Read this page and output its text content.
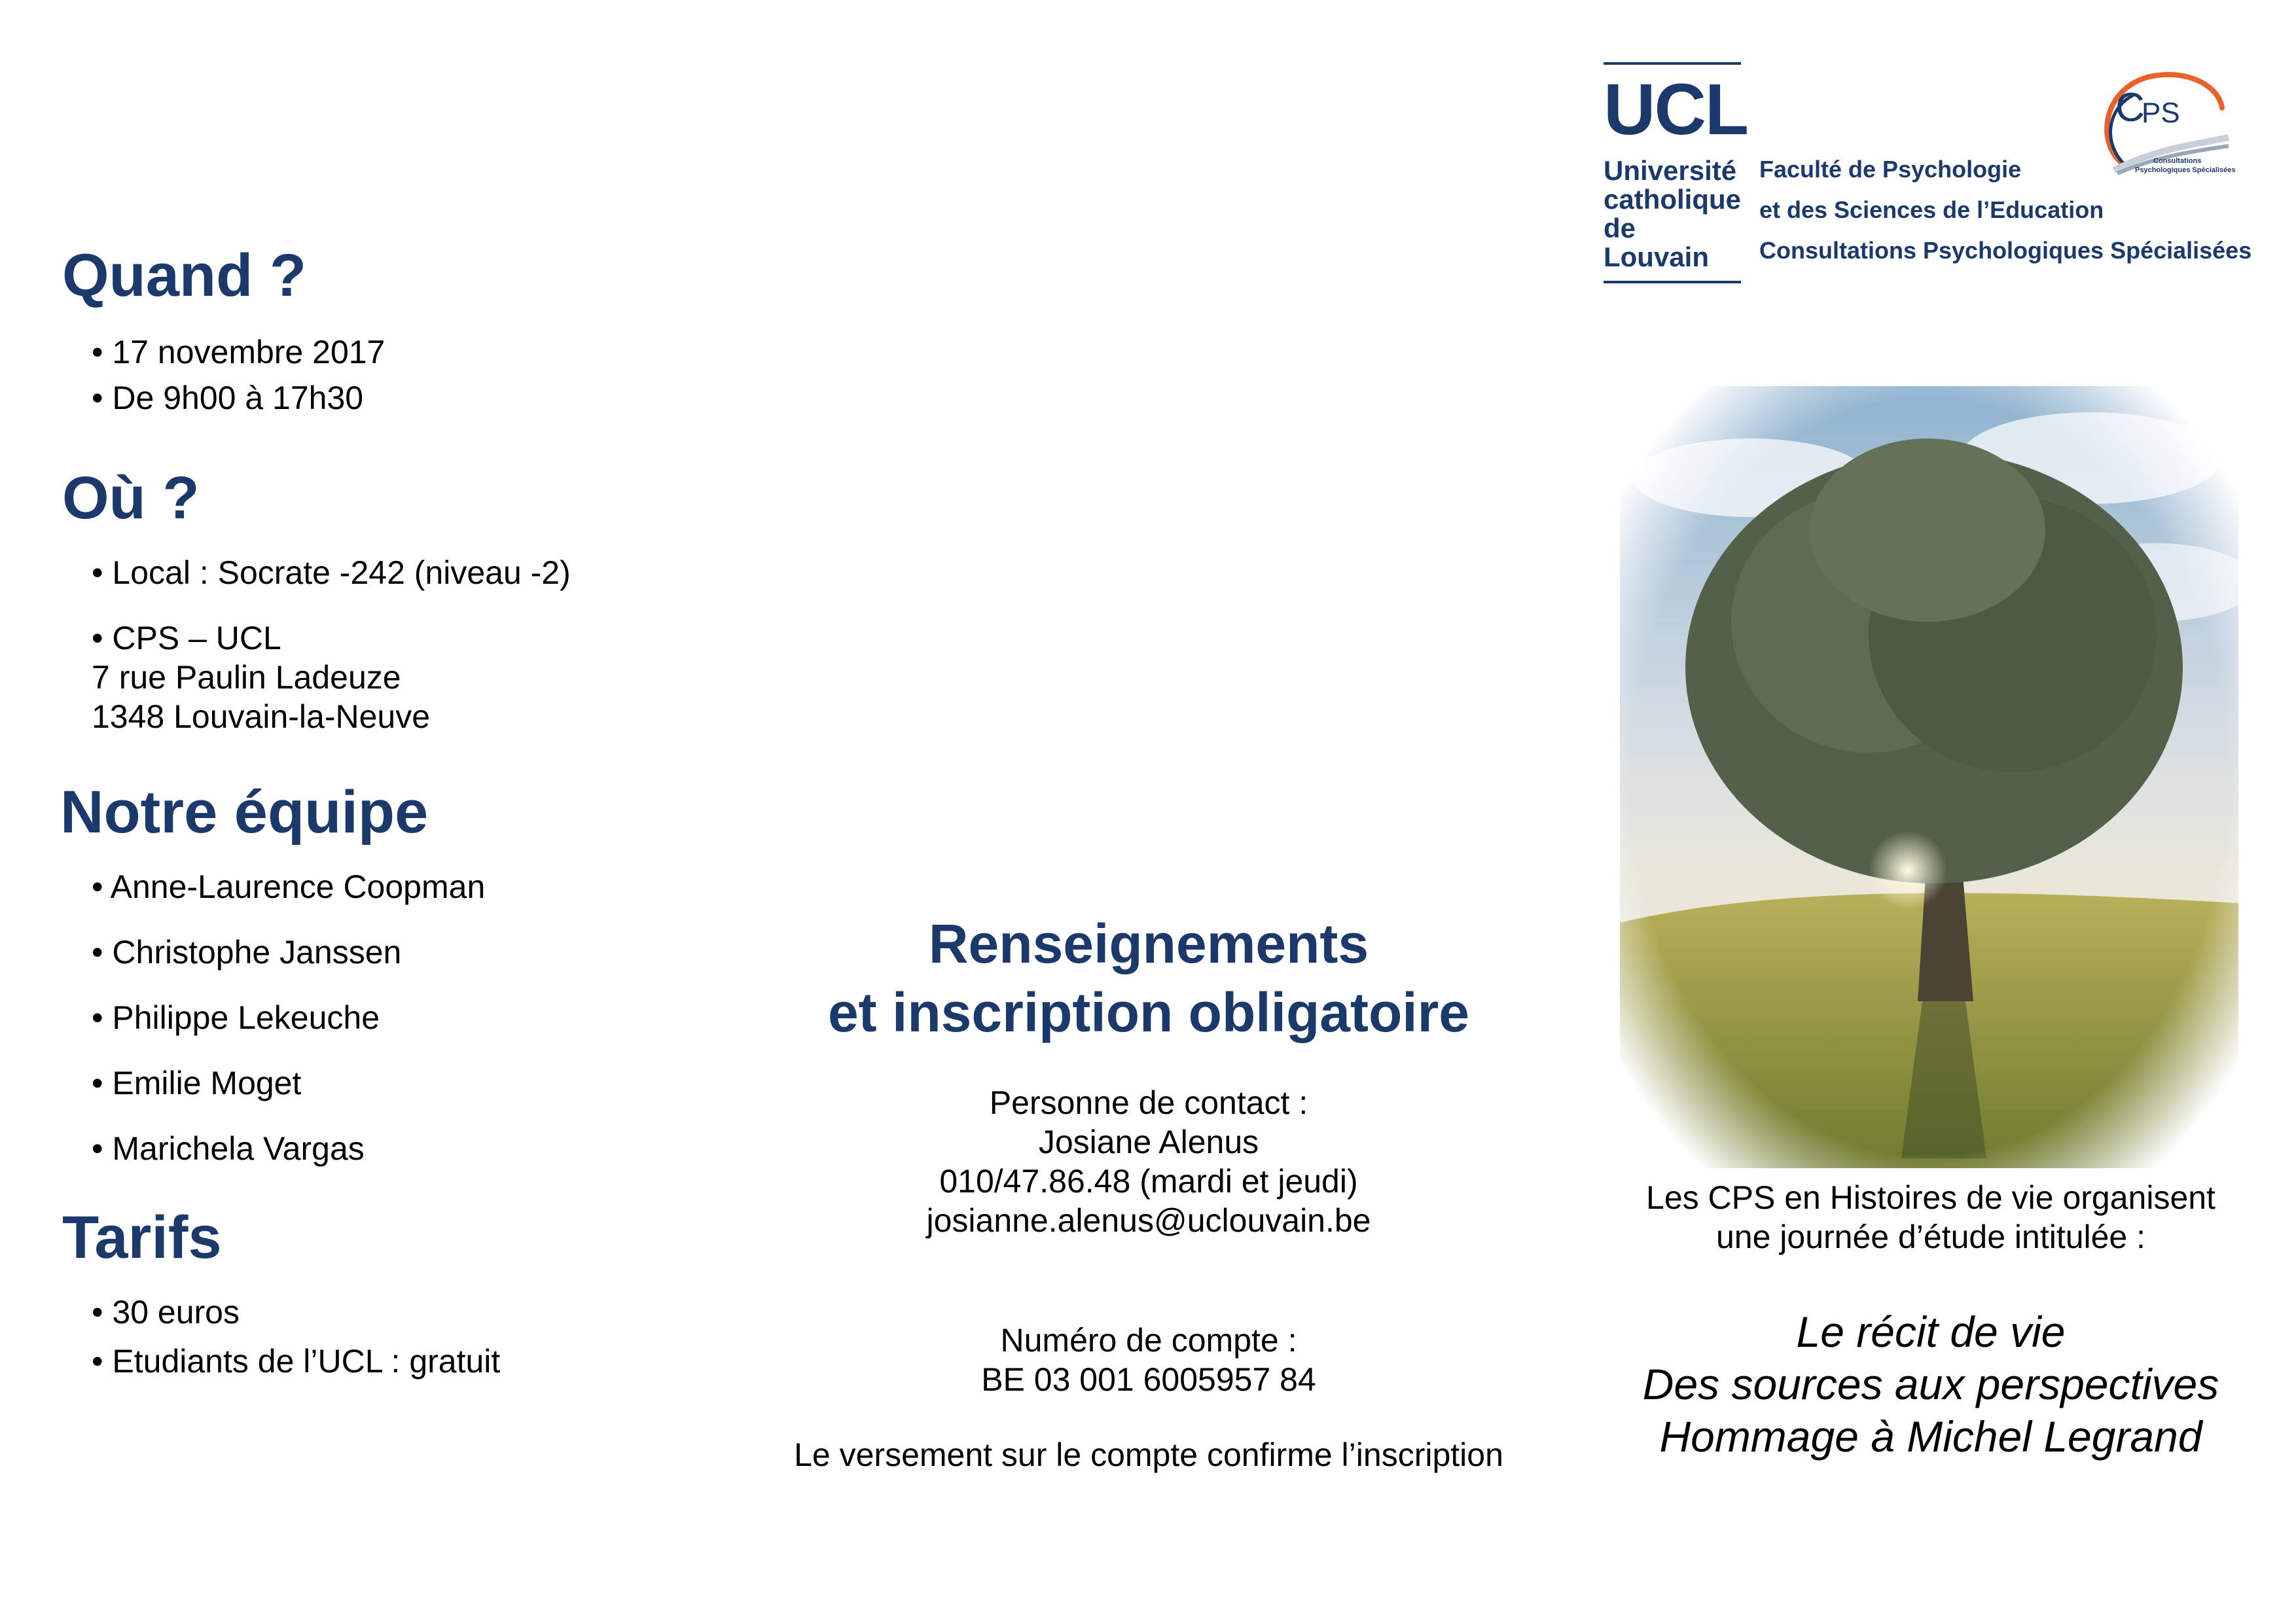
UCL
Université
catholique
de Louvain
Faculté de Psychologie
et des Sciences de l’Education
Consultations Psychologiques Spécialisées
C
PS
Consultations
Psychologiques Spécialisées
Quand ?
• 17 novembre 2017
• De 9h00 à 17h30
Où ?
• Local : Socrate -242 (niveau -2)
• CPS – UCL
7 rue Paulin Ladeuze
1348 Louvain-la-Neuve
Notre équipe
• Anne-Laurence Coopman
• Christophe Janssen
• Philippe Lekeuche
• Emilie Moget
• Marichela Vargas
Tarifs
• 30 euros
• Etudiants de l’UCL : gratuit
Renseignements
et inscription obligatoire
Personne de contact :
Josiane Alenus
010/47.86.48 (mardi et jeudi)
josianne.alenus@uclouvain.be
Numéro de compte :
BE 03 001 6005957 84
Le versement sur le compte confirme l’inscription
Les CPS en Histoires de vie organisent
une journée d’étude intitulée :
Le récit de vie
Des sources aux perspectives
Hommage à Michel Legrand
